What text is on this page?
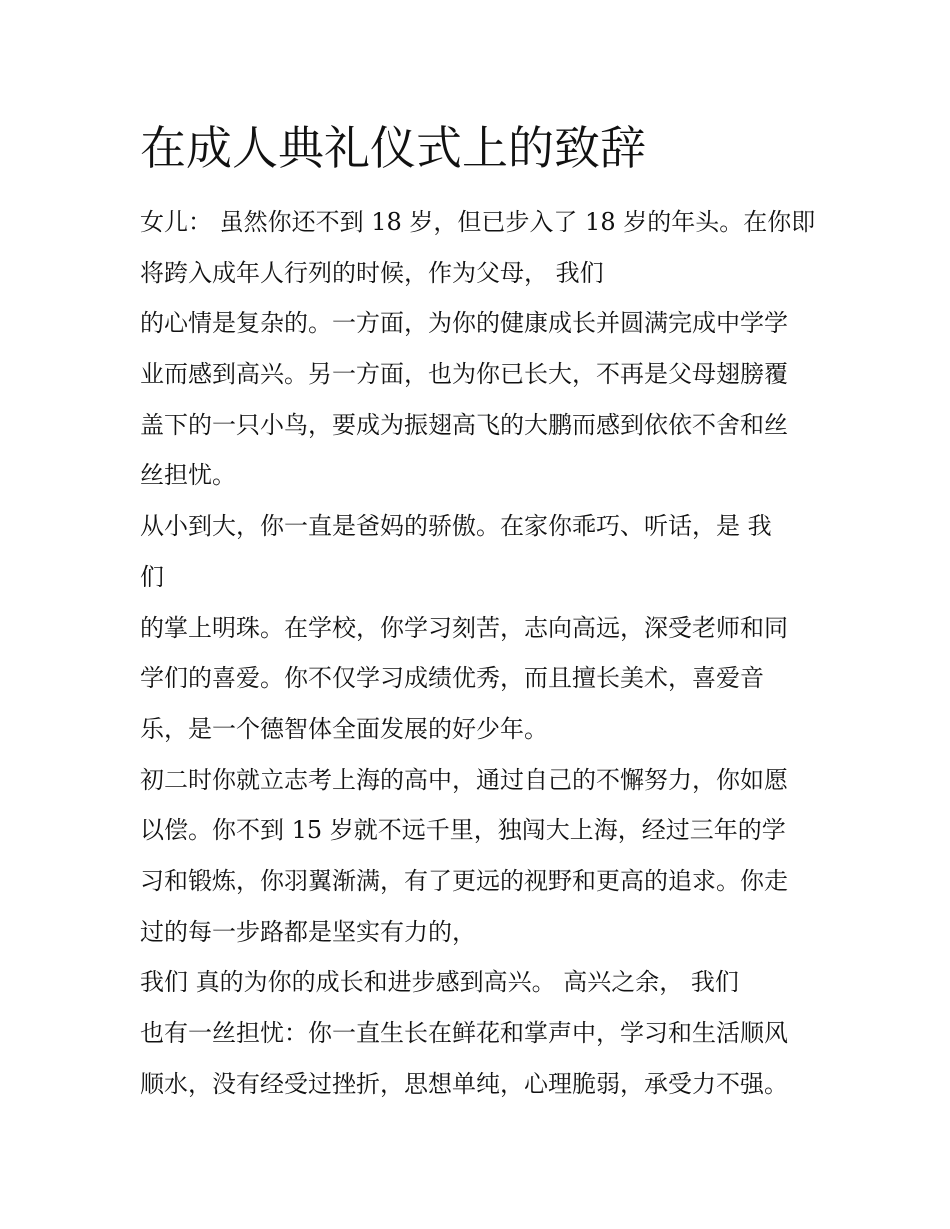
在成人典礼仪式上的致辞
女儿： 虽然你还不到 18 岁，但已步入了 18 岁的年头。在你即
将跨入成年人行列的时候，作为父母， 我们
的心情是复杂的。一方面，为你的健康成长并圆满完成中学学
业而感到高兴。另一方面，也为你已长大，不再是父母翅膀覆
盖下的一只小鸟，要成为振翅高飞的大鹏而感到依依不舍和丝
丝担忧。
从小到大，你一直是爸妈的骄傲。在家你乖巧、听话，是 我
们
的掌上明珠。在学校，你学习刻苦，志向高远，深受老师和同
学们的喜爱。你不仅学习成绩优秀，而且擅长美术，喜爱音
乐，是一个德智体全面发展的好少年。
初二时你就立志考上海的高中，通过自己的不懈努力，你如愿
以偿。你不到 15 岁就不远千里，独闯大上海，经过三年的学
习和锻炼，你羽翼渐满，有了更远的视野和更高的追求。你走
过的每一步路都是坚实有力的，
我们 真的为你的成长和进步感到高兴。 高兴之余， 我们
也有一丝担忧：你一直生长在鲜花和掌声中，学习和生活顺风
顺水，没有经受过挫折，思想单纯，心理脆弱，承受力不强。
